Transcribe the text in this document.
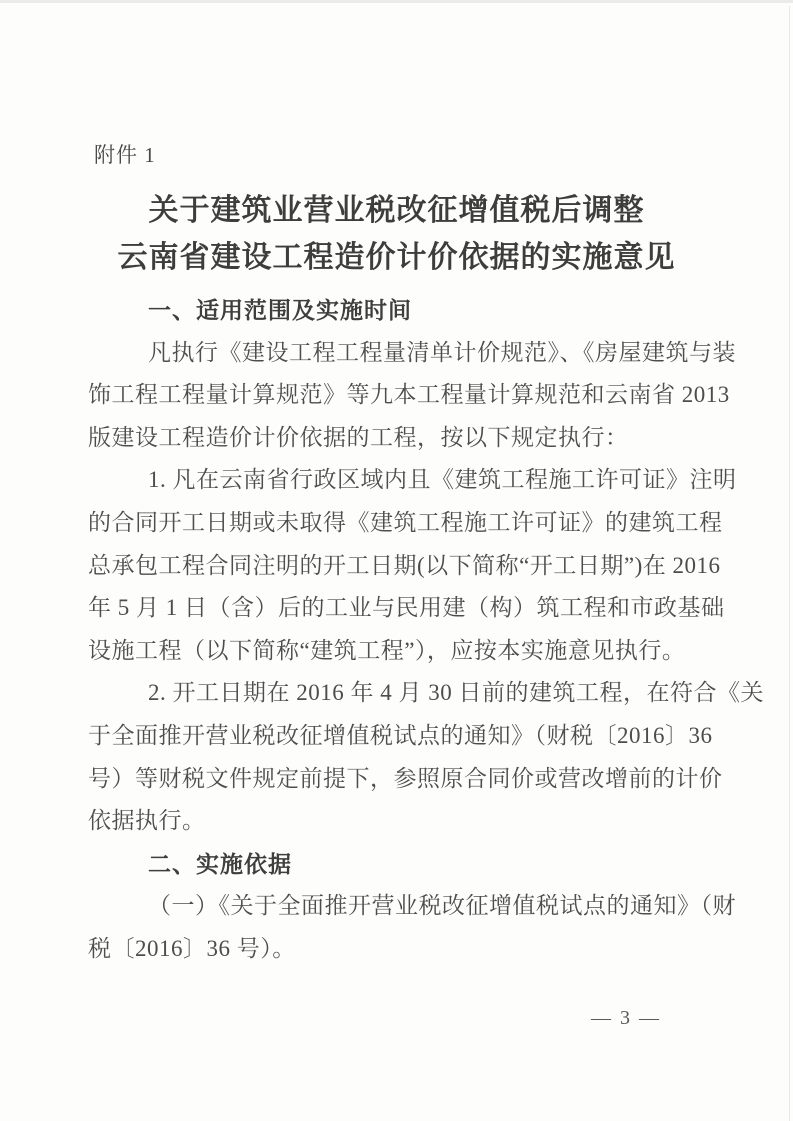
附件 1
关于建筑业营业税改征增值税后调整
云南省建设工程造价计价依据的实施意见
一、适用范围及实施时间
凡执行《建设工程工程量清单计价规范》、《房屋建筑与装
饰工程工程量计算规范》等九本工程量计算规范和云南省 2013
版建设工程造价计价依据的工程，按以下规定执行：
1. 凡在云南省行政区域内且《建筑工程施工许可证》注明
的合同开工日期或未取得《建筑工程施工许可证》的建筑工程
总承包工程合同注明的开工日期(以下简称“开工日期”)在 2016
年 5 月 1 日（含）后的工业与民用建（构）筑工程和市政基础
设施工程（以下简称“建筑工程”），应按本实施意见执行。
2. 开工日期在 2016 年 4 月 30 日前的建筑工程，在符合《关
于全面推开营业税改征增值税试点的通知》（财税〔2016〕36
号）等财税文件规定前提下，参照原合同价或营改增前的计价
依据执行。
二、实施依据
（一）《关于全面推开营业税改征增值税试点的通知》（财
税〔2016〕36 号）。
— 3 —
